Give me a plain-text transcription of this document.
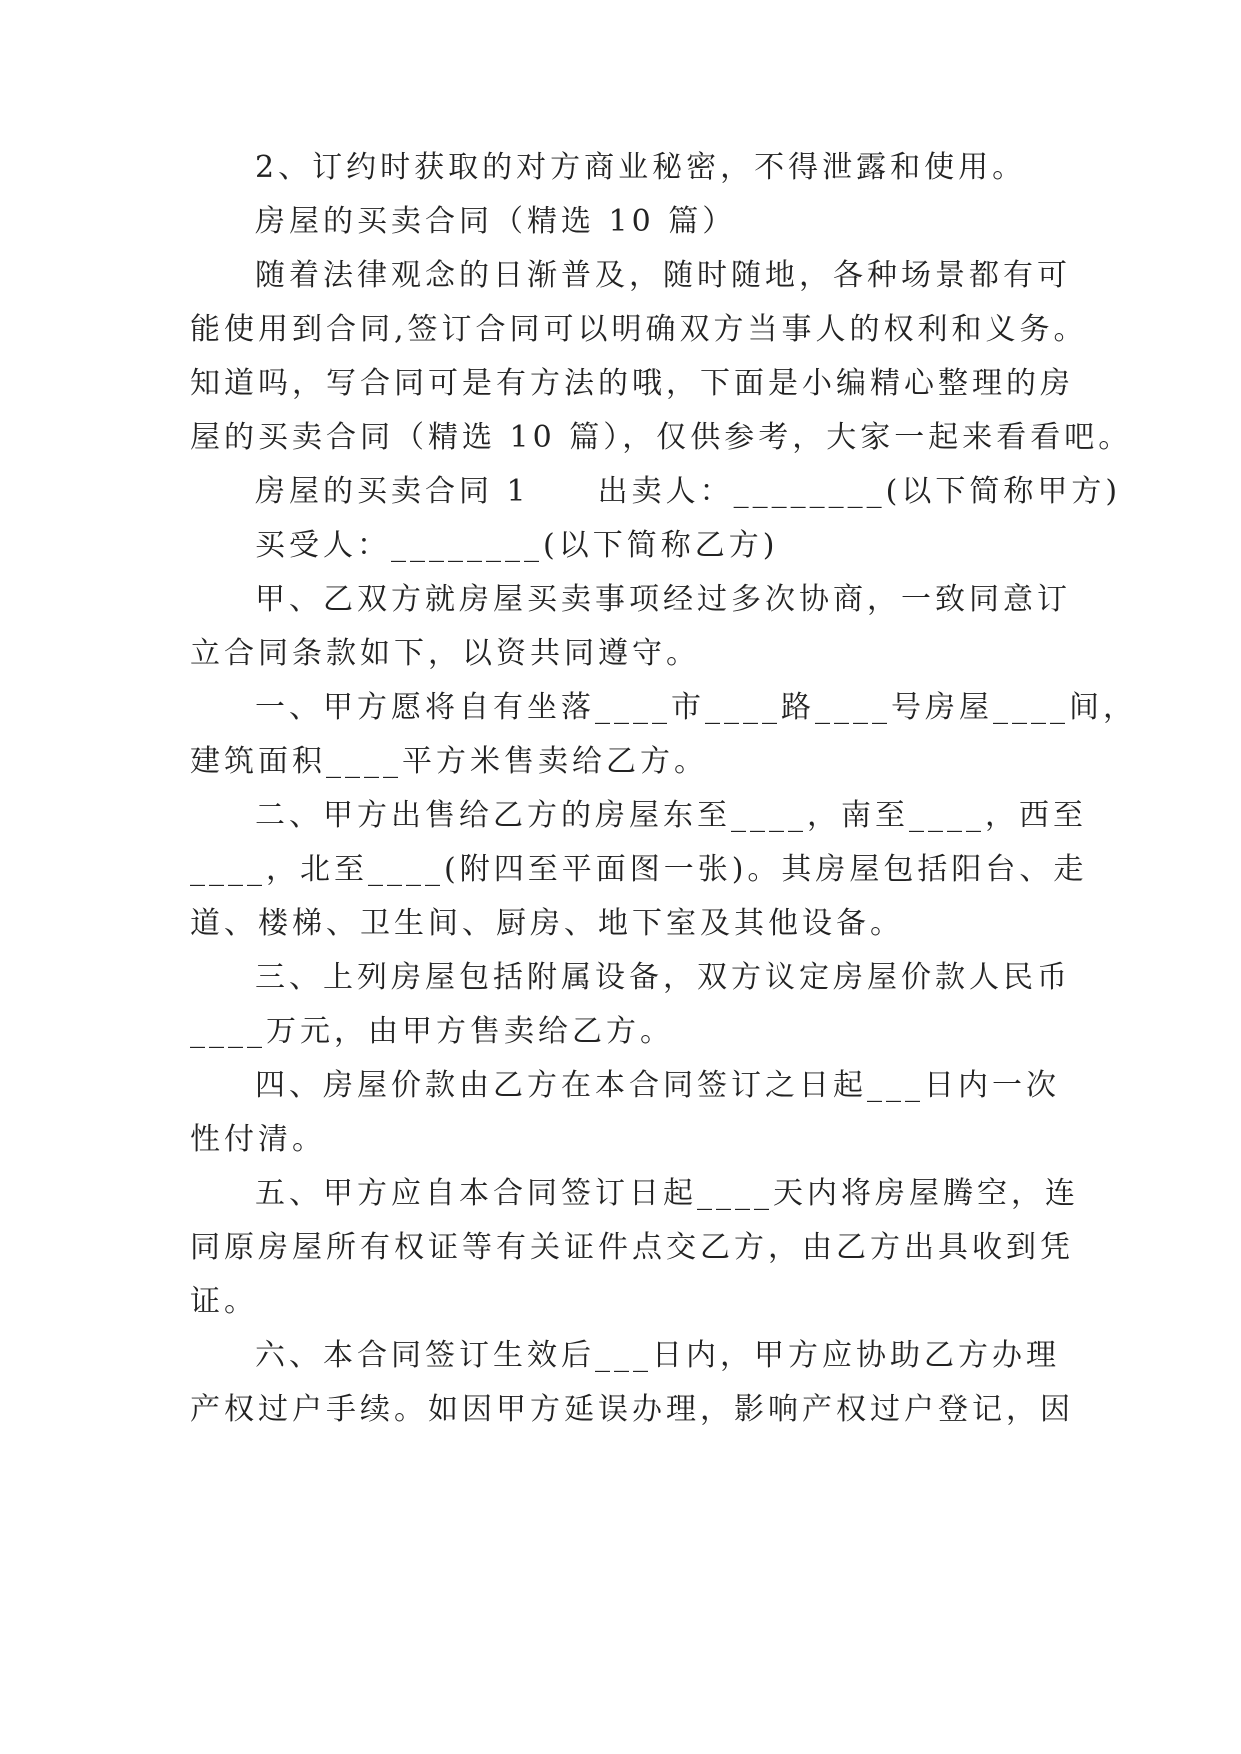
2、订约时获取的对方商业秘密，不得泄露和使用。
房屋的买卖合同（精选 10 篇）
随着法律观念的日渐普及，随时随地，各种场景都有可
能使用到合同,签订合同可以明确双方当事人的权利和义务。
知道吗，写合同可是有方法的哦，下面是小编精心整理的房
屋的买卖合同（精选 10 篇），仅供参考，大家一起来看看吧。
房屋的买卖合同 1　　出卖人：________(以下简称甲方)
买受人：________(以下简称乙方)
甲、乙双方就房屋买卖事项经过多次协商，一致同意订
立合同条款如下，以资共同遵守。
一、甲方愿将自有坐落____市____路____号房屋____间，
建筑面积____平方米售卖给乙方。
二、甲方出售给乙方的房屋东至____，南至____，西至
____，北至____(附四至平面图一张)。其房屋包括阳台、走
道、楼梯、卫生间、厨房、地下室及其他设备。
三、上列房屋包括附属设备，双方议定房屋价款人民币
____万元，由甲方售卖给乙方。
四、房屋价款由乙方在本合同签订之日起___日内一次
性付清。
五、甲方应自本合同签订日起____天内将房屋腾空，连
同原房屋所有权证等有关证件点交乙方，由乙方出具收到凭
证。
六、本合同签订生效后___日内，甲方应协助乙方办理
产权过户手续。如因甲方延误办理，影响产权过户登记，因
